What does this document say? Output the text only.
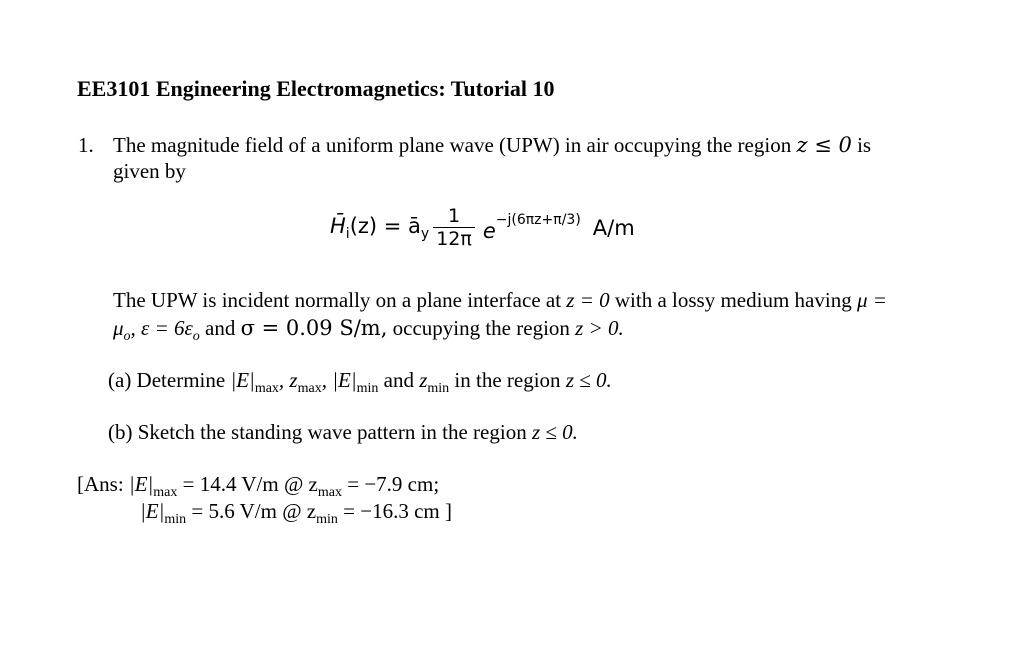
EE3101 Engineering Electromagnetics: Tutorial 10
1. The magnitude field of a uniform plane wave (UPW) in air occupying the region z ≤ 0 is
given by
$H̄_i(z)$ = $ā_y \frac{1}{12\pi} e^{-j(6\pi z+\pi/3)}$ A/m
The UPW is incident normally on a plane interface at z = 0 with a lossy medium having μ =
$\mu_o$, $\varepsilon = 6\varepsilon_o$ and σ = 0.09 S/m, occupying the region z > 0.
(a) Determine $|E|_{max}$, $z_{max}$, $|E|_{min}$ and $z_{min}$ in the region z ≤ 0.
(b) Sketch the standing wave pattern in the region z ≤ 0.
[Ans: $|E|_{max} = 14.4$ V/m @ $z_{max} = -7.9$ cm;
$|E|_{min} = 5.6$ V/m @ $z_{min} = -16.3$ cm ]
